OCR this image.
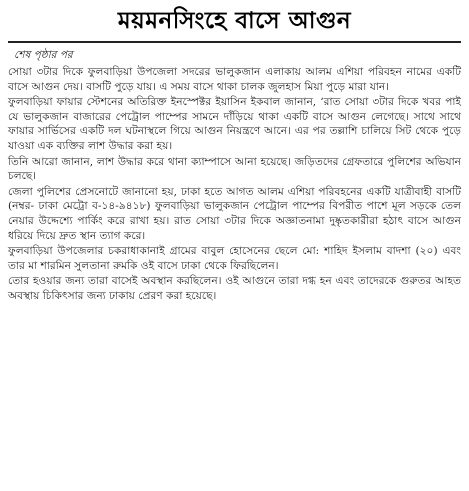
ময়মনসিংহে বাসে আগুন
শেষ পৃষ্ঠার পর

সোয়া ৩টার দিকে ফুলবাড়িয়া উপজেলা সদরের ভালুকজান এলাকায় আলম এশিয়া পরিবহন নামের একটি বাসে আগুন দেয়। বাসটি পুড়ে যায়। এ সময় বাসে থাকা চালক জুলহাস মিয়া পুড়ে মারা যান।

ফুলবাড়িয়া ফায়ার স্টেশনের অতিরিক্ত ইনস্পেক্টর ইয়াসিন ইকবাল জানান, ‘রাত সোয়া ৩টার দিকে খবর পাই যে ভালুকজান বাজারের পেট্রোল পাম্পের সামনে দাঁড়িয়ে থাকা একটি বাসে আগুন লেগেছে। সাথে সাথে ফায়ার সার্ভিসের একটি দল ঘটনাস্থলে গিয়ে আগুন নিয়ন্ত্রণে আনে। এর পর তল্লাশি চালিয়ে সিট থেকে পুড়ে যাওয়া এক ব্যক্তির লাশ উদ্ধার করা হয়।

তিনি আরো জানান, লাশ উদ্ধার করে থানা ক্যাম্পাসে আনা হয়েছে। জড়িতদের গ্রেফতারে পুলিশের অভিযান চলছে।

জেলা পুলিশের প্রেসনোটে জানানো হয়, ঢাকা হতে আগত আলম এশিয়া পরিবহনের একটি যাত্রীবাহী বাসটি (নম্বর- ঢাকা মেট্রো ব-১৪-৯৪১৮) ফুলবাড়িয়া ভালুকজান পেট্রোল পাম্পের বিপরীত পাশে মূল সড়কে তেল নেয়ার উদ্দেশ্যে পার্কিং করে রাখা হয়। রাত সোয়া ৩টার দিকে অজ্ঞাতনামা দুষ্কৃতকারীরা হঠাৎ বাসে আগুন ধরিয়ে দিয়ে দ্রুত স্থান ত্যাগ করে।

ফুলবাড়িয়া উপজেলার চকরাধাকানাই গ্রামের বাবুল হোসেনের ছেলে মো: শাহিদ ইসলাম বাদশা (২০) এবং তার মা শারমিন সুলতানা রুমকি ওই বাসে ঢাকা থেকে ফিরছিলেন।

তোর হওয়ার জন্য তারা বাসেই অবস্থান করছিলেন। ওই আগুনে তারা দগ্ধ হন এবং তাদেরকে গুরুতর আহত অবস্থায় চিকিৎসার জন্য ঢাকায় প্রেরণ করা হয়েছে।
